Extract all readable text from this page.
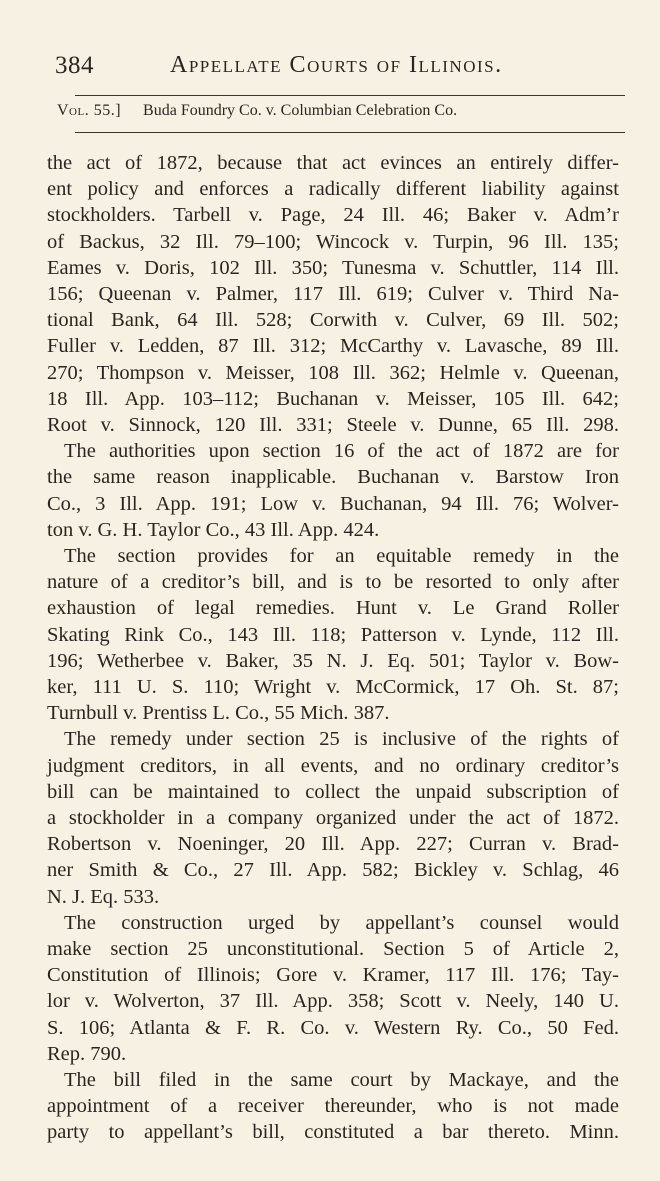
384	Appellate Courts of Illinois.
Vol. 55.] Buda Foundry Co. v. Columbian Celebration Co.
the act of 1872, because that act evinces an entirely differ-
ent policy and enforces a radically different liability against
stockholders. Tarbell v. Page, 24 Ill. 46; Baker v. Adm’r
of Backus, 32 Ill. 79–100; Wincock v. Turpin, 96 Ill. 135;
Eames v. Doris, 102 Ill. 350; Tunesma v. Schuttler, 114 Ill.
156; Queenan v. Palmer, 117 Ill. 619; Culver v. Third Na-
tional Bank, 64 Ill. 528; Corwith v. Culver, 69 Ill. 502;
Fuller v. Ledden, 87 Ill. 312; McCarthy v. Lavasche, 89 Ill.
270; Thompson v. Meisser, 108 Ill. 362; Helmle v. Queenan,
18 Ill. App. 103–112; Buchanan v. Meisser, 105 Ill. 642;
Root v. Sinnock, 120 Ill. 331; Steele v. Dunne, 65 Ill. 298.
The authorities upon section 16 of the act of 1872 are for
the same reason inapplicable. Buchanan v. Barstow Iron
Co., 3 Ill. App. 191; Low v. Buchanan, 94 Ill. 76; Wolver-
ton v. G. H. Taylor Co., 43 Ill. App. 424.
The section provides for an equitable remedy in the
nature of a creditor’s bill, and is to be resorted to only after
exhaustion of legal remedies. Hunt v. Le Grand Roller
Skating Rink Co., 143 Ill. 118; Patterson v. Lynde, 112 Ill.
196; Wetherbee v. Baker, 35 N. J. Eq. 501; Taylor v. Bow-
ker, 111 U. S. 110; Wright v. McCormick, 17 Oh. St. 87;
Turnbull v. Prentiss L. Co., 55 Mich. 387.
The remedy under section 25 is inclusive of the rights of
judgment creditors, in all events, and no ordinary creditor’s
bill can be maintained to collect the unpaid subscription of
a stockholder in a company organized under the act of 1872.
Robertson v. Noeninger, 20 Ill. App. 227; Curran v. Brad-
ner Smith & Co., 27 Ill. App. 582; Bickley v. Schlag, 46
N. J. Eq. 533.
The construction urged by appellant’s counsel would
make section 25 unconstitutional. Section 5 of Article 2,
Constitution of Illinois; Gore v. Kramer, 117 Ill. 176; Tay-
lor v. Wolverton, 37 Ill. App. 358; Scott v. Neely, 140 U.
S. 106; Atlanta & F. R. Co. v. Western Ry. Co., 50 Fed.
Rep. 790.
The bill filed in the same court by Mackaye, and the
appointment of a receiver thereunder, who is not made
party to appellant’s bill, constituted a bar thereto. Minn.
